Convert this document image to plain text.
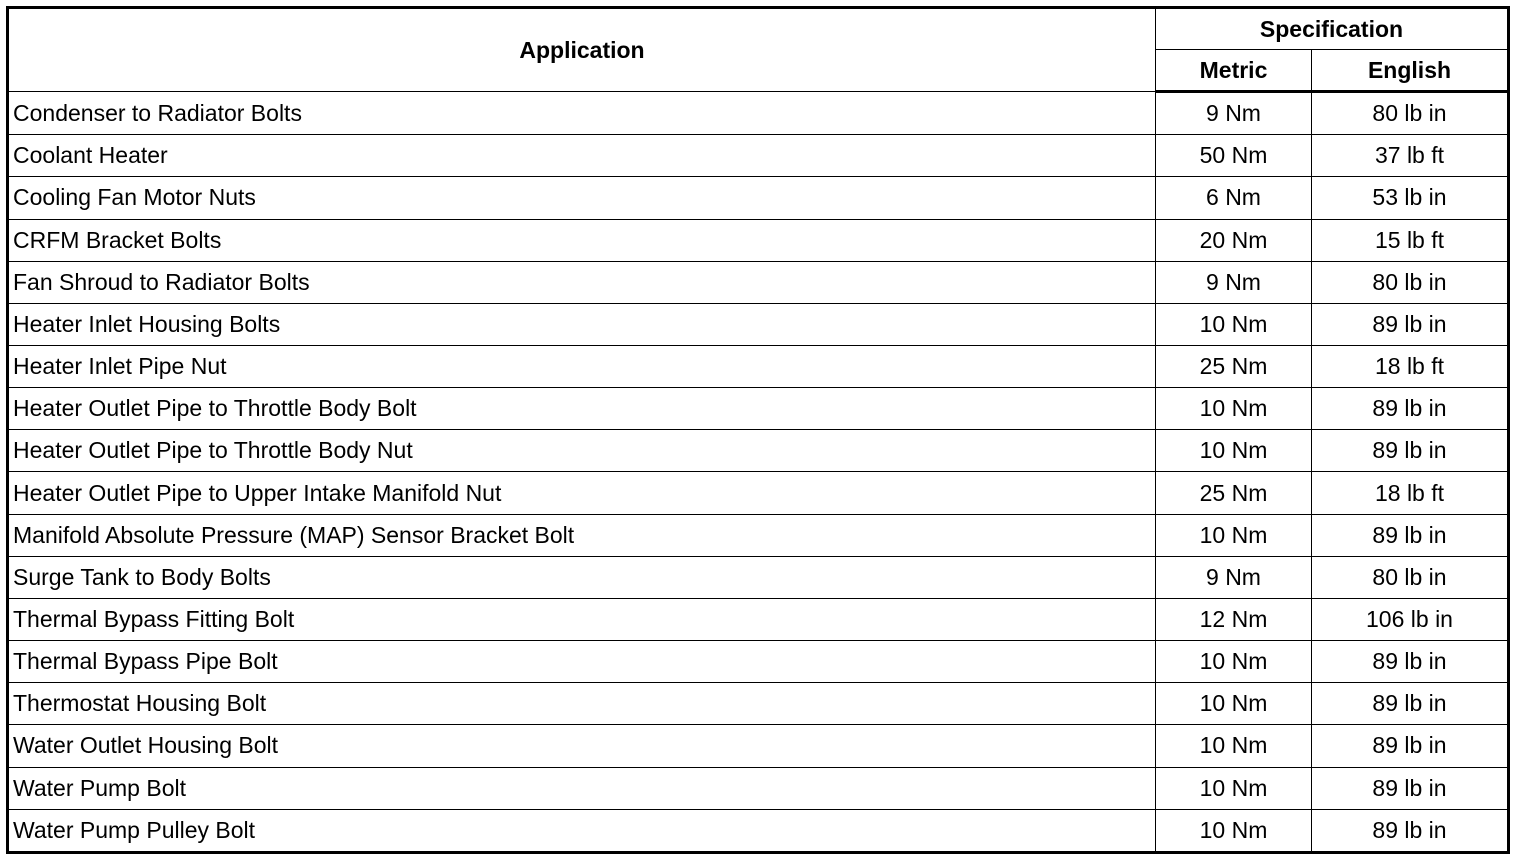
Application	Specification	
	Metric	English
Condenser to Radiator Bolts	9 Nm	80 lb in
Coolant Heater	50 Nm	37 lb ft
Cooling Fan Motor Nuts	6 Nm	53 lb in
CRFM Bracket Bolts	20 Nm	15 lb ft
Fan Shroud to Radiator Bolts	9 Nm	80 lb in
Heater Inlet Housing Bolts	10 Nm	89 lb in
Heater Inlet Pipe Nut	25 Nm	18 lb ft
Heater Outlet Pipe to Throttle Body Bolt	10 Nm	89 lb in
Heater Outlet Pipe to Throttle Body Nut	10 Nm	89 lb in
Heater Outlet Pipe to Upper Intake Manifold Nut	25 Nm	18 lb ft
Manifold Absolute Pressure (MAP) Sensor Bracket Bolt	10 Nm	89 lb in
Surge Tank to Body Bolts	9 Nm	80 lb in
Thermal Bypass Fitting Bolt	12 Nm	106 lb in
Thermal Bypass Pipe Bolt	10 Nm	89 lb in
Thermostat Housing Bolt	10 Nm	89 lb in
Water Outlet Housing Bolt	10 Nm	89 lb in
Water Pump Bolt	10 Nm	89 lb in
Water Pump Pulley Bolt	10 Nm	89 lb in
